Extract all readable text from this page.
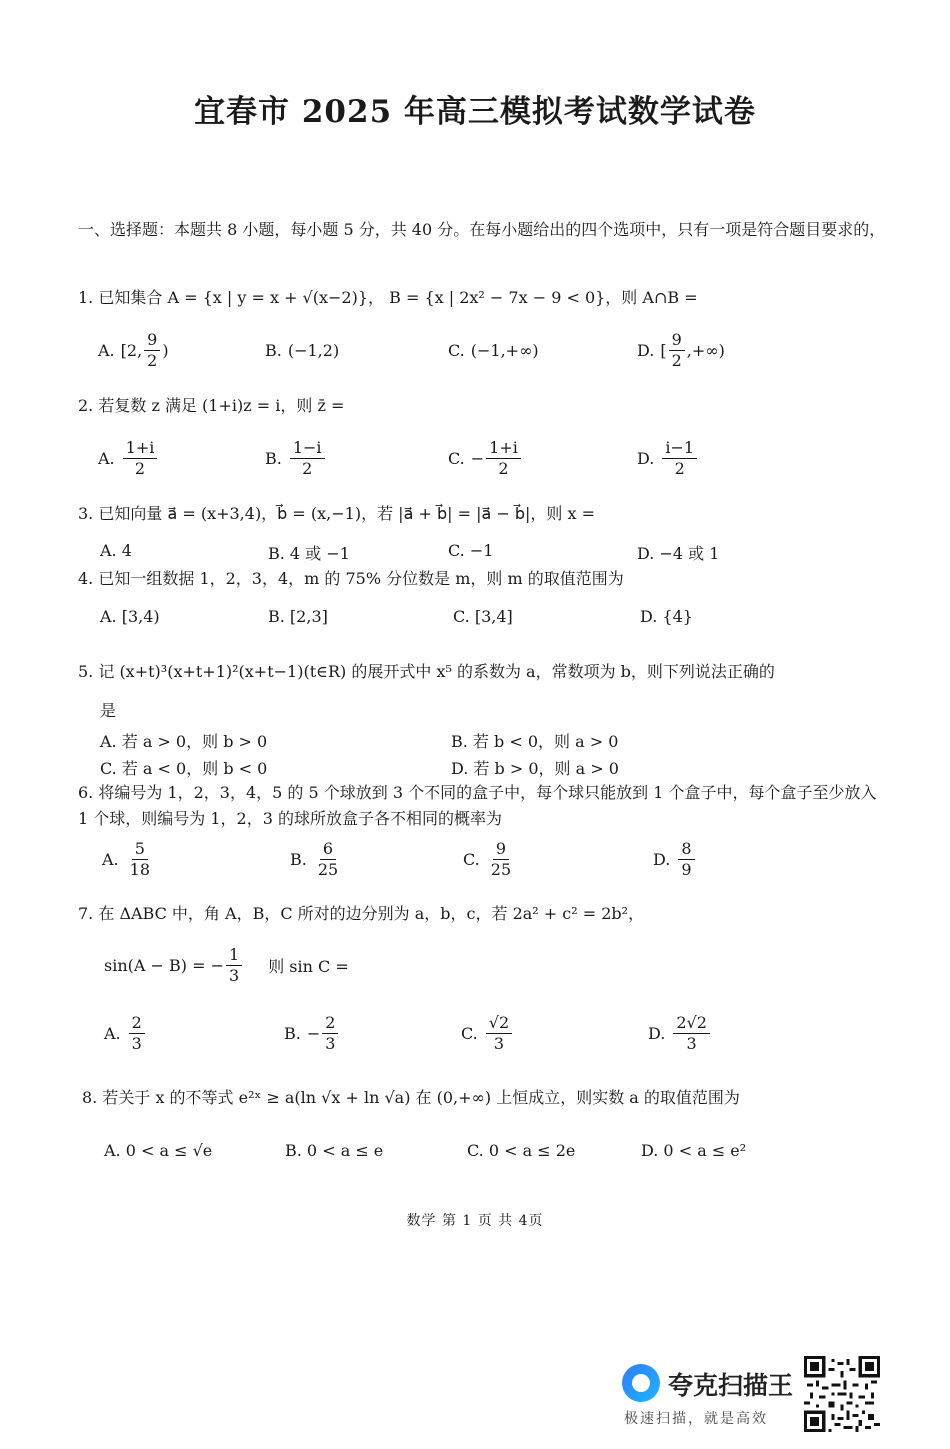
宜春市 2025 年高三模拟考试数学试卷
一、选择题：本题共 8 小题，每小题 5 分，共 40 分。在每小题给出的四个选项中，只有一项是符合题目要求的，
1. 已知集合 A = {x | y = x + √(x−2)}， B = {x | 2x² − 7x − 9 < 0}，则 A∩B =
A. [2, $\frac{9}{2}$ )	B. (−1,2)	C. (−1,+∞)	D. [ $\frac{9}{2}$ ,+∞)
2. 若复数 z 满足 (1+i)z = i，则 z̄ =
A. $\frac{1+i}{2}$	B. $\frac{1-i}{2}$	C. − $\frac{1+i}{2}$	D. $\frac{i-1}{2}$
3. 已知向量 a⃗ = (x+3,4)，b⃗ = (x,−1)，若 |a⃗ + b⃗| = |a⃗ − b⃗|，则 x =
A. 4	B. 4 或 −1	C. −1	D. −4 或 1
4. 已知一组数据 1，2，3，4，m 的 75% 分位数是 m，则 m 的取值范围为
A. [3,4)	B. [2,3]	C. [3,4]	D. {4}
5. 记 (x+t)³(x+t+1)²(x+t−1)(t∈R) 的展开式中 x⁵ 的系数为 a，常数项为 b，则下列说法正确的
是
A. 若 a > 0，则 b > 0	B. 若 b < 0，则 a > 0
C. 若 a < 0，则 b < 0	D. 若 b > 0，则 a > 0
6. 将编号为 1，2，3，4，5 的 5 个球放到 3 个不同的盒子中，每个球只能放到 1 个盒子中，每个盒子至少放入 1 个球，则编号为 1，2，3 的球所放盒子各不相同的概率为
A. $\frac{5}{18}$	B. $\frac{6}{25}$	C. $\frac{9}{25}$	D. $\frac{8}{9}$
7. 在 ΔABC 中，角 A，B，C 所对的边分别为 a，b，c，若 2a² + c² = 2b²，
sin(A − B) = − $\frac{1}{3}$ 则 sin C =
A. $\frac{2}{3}$	B. − $\frac{2}{3}$	C. $\frac{√2}{3}$	D. $\frac{2√2}{3}$
8. 若关于 x 的不等式 e²ˣ ≥ a(ln √x + ln √a) 在 (0,+∞) 上恒成立，则实数 a 的取值范围为
A. 0 < a ≤ √e	B. 0 < a ≤ e	C. 0 < a ≤ 2e	D. 0 < a ≤ e²
数学 第 1 页 共 4页
夸克扫描王
极速扫描，就是高效
